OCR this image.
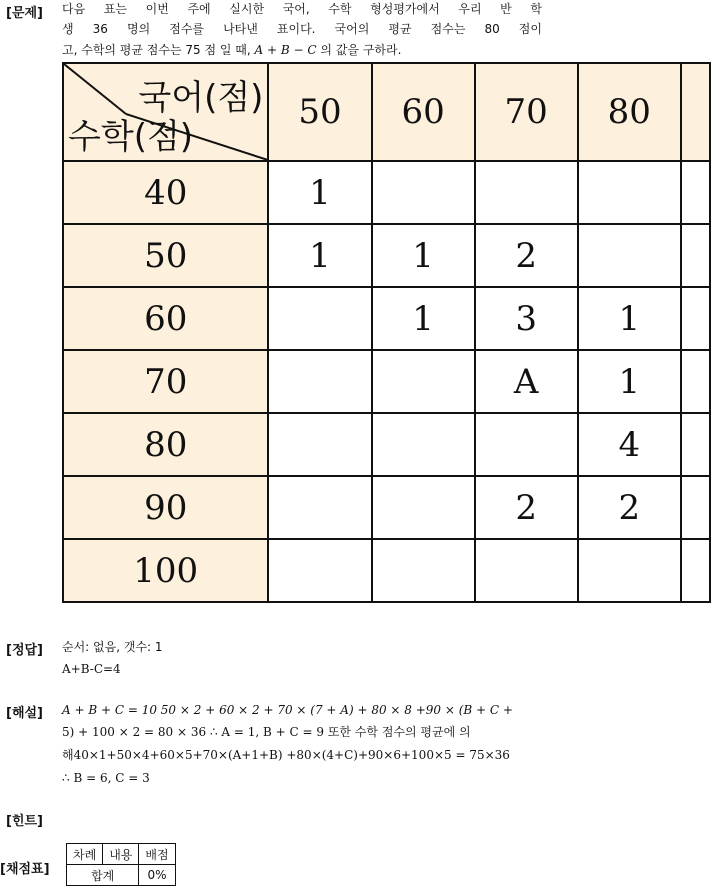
[문제]
[정답]
[해설]
[힌트]
[채점표]
다음 표는 이번 주에 실시한 국어, 수학 형성평가에서 우리 반 학
생 36 명의 점수를 나타낸 표이다. 국어의 평균 점수는 80 점이
고, 수학의 평균 점수는 75 점 일 때, A + B − C 의 값을 구하라.
국어(점)
수학(점)	50	60	70	80	
40	1				
50	1	1	2		
60		1	3	1	
70			A	1	
80				4	
90			2	2	
100					
순서: 없음, 갯수: 1
A+B-C=4
A + B + C = 10 50 × 2 + 60 × 2 + 70 × (7 + A) + 80 × 8 +90 × (B + C +
5) + 100 × 2 = 80 × 36 ∴ A = 1, B + C = 9 또한 수학 점수의 평균에 의
해40×1+50×4+60×5+70×(A+1+B) +80×(4+C)+90×6+100×5 = 75×36
∴ B = 6, C = 3
차례	내용	배점
합계		0%
